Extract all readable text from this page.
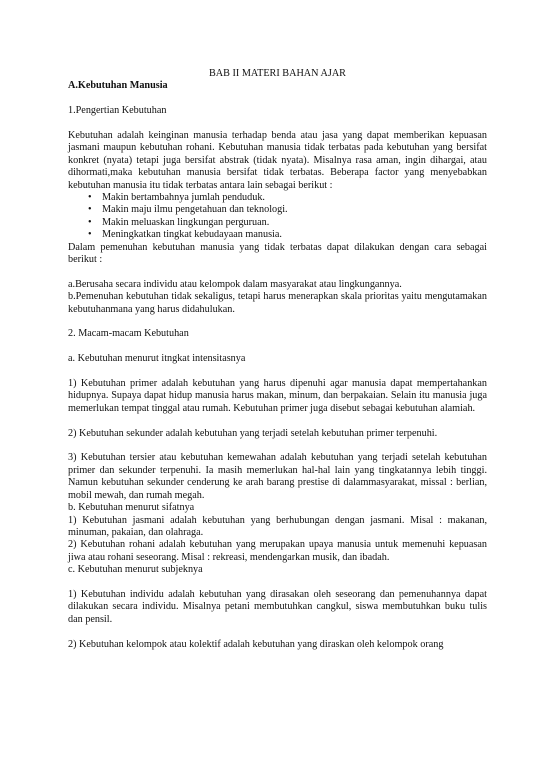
BAB II MATERI BAHAN AJAR

A.Kebutuhan Manusia

1.Pengertian Kebutuhan

Kebutuhan adalah keinginan manusia terhadap benda atau jasa yang dapat memberikan kepuasan jasmani maupun kebutuhan rohani. Kebutuhan manusia tidak terbatas pada kebutuhan yang bersifat konkret (nyata) tetapi juga bersifat abstrak (tidak nyata). Misalnya rasa aman, ingin dihargai, atau dihormati,maka kebutuhan manusia bersifat tidak terbatas. Beberapa factor yang menyebabkan kebutuhan manusia itu tidak terbatas antara lain sebagai berikut :

• Makin bertambahnya jumlah penduduk.
• Makin maju ilmu pengetahuan dan teknologi.
• Makin meluaskan lingkungan perguruan.
• Meningkatkan tingkat kebudayaan manusia.

Dalam pemenuhan kebutuhan manusia yang tidak terbatas dapat dilakukan dengan cara sebagai berikut :

a.Berusaha secara individu atau kelompok dalam masyarakat atau lingkungannya.

b.Pemenuhan kebutuhan tidak sekaligus, tetapi harus menerapkan skala prioritas yaitu mengutamakan kebutuhanmana yang harus didahulukan.

2. Macam-macam Kebutuhan

a. Kebutuhan menurut itngkat intensitasnya

1) Kebutuhan primer adalah kebutuhan yang harus dipenuhi agar manusia dapat mempertahankan hidupnya. Supaya dapat hidup manusia harus makan, minum, dan berpakaian. Selain itu manusia juga memerlukan tempat tinggal atau rumah. Kebutuhan primer juga disebut sebagai kebutuhan alamiah.

2) Kebutuhan sekunder adalah kebutuhan yang terjadi setelah kebutuhan primer terpenuhi.

3) Kebutuhan tersier atau kebutuhan kemewahan adalah kebutuhan yang terjadi setelah kebutuhan primer dan sekunder terpenuhi. Ia masih memerlukan hal-hal lain yang tingkatannya lebih tinggi. Namun kebutuhan sekunder cenderung ke arah barang prestise di dalammasyarakat, missal : berlian, mobil mewah, dan rumah megah.

b. Kebutuhan menurut sifatnya

1) Kebutuhan jasmani adalah kebutuhan yang berhubungan dengan jasmani. Misal : makanan, minuman, pakaian, dan olahraga.

2) Kebutuhan rohani adalah kebutuhan yang merupakan upaya manusia untuk memenuhi kepuasan jiwa atau rohani seseorang. Misal : rekreasi, mendengarkan musik, dan ibadah.

c. Kebutuhan menurut subjeknya

1) Kebutuhan individu adalah kebutuhan yang dirasakan oleh seseorang dan pemenuhannya dapat dilakukan secara individu. Misalnya petani membutuhkan cangkul, siswa membutuhkan buku tulis dan pensil.

2) Kebutuhan kelompok atau kolektif adalah kebutuhan yang diraskan oleh kelompok orang
